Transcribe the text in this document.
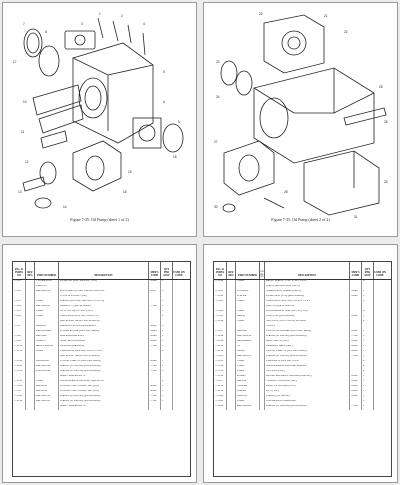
7
8
3
1	2
4
5
6
9
10
11
12
13
14
15
16
17
18
Figure 7-35. Oil Pump (sheet 1 of 2)
20	21
22
23
24
25
26
27
28
29
30
31
Figure 7-35. Oil Pump (sheet 2 of 2)
FIG. & INDEX NO
REF DES	PART NUMBER	DESCRIPTION
MFR'S CODE
QTY PER ASSY
USED ON CODE
7-35-1	FVDS80X01H	PUMP, OIL (SOE 3004 SEE 7-2-1)	58199	1
1.0HP/3-5
7-35-2	PRP-360-012	PLUG, MACH. THD. O-RING, HEX HD.	28781	1
1-3/16-12 UN-2A ... (NE)
7-35-3	COML	O-RING (SEE SOE 3004 NOTE 3-10-70)	1
7-35-4	PRP-360-233	GASKET, ... (ASTM D2000)	77326	1
7-35-5	COML	KEY, 3/16 SQ. x 1-3/4 L (STL)	1
7-35-6	COML	CAPSCREW, HEX HD, 3/8-16 x 1 L	4
(ASTM A307 GR A, ZINC PLATED)
7-35-7	206102B	BALANCE PISTON ASSEMBLY	58199	1
ZRC14GWAB	POWER ROTOR (DUCTILE IRON)	58199	1
7-35-8	RRC1409	IDLER ROTOR ASSY	58199	2
7-35-9	295618-1	SEAL, MECHANICAL	58199	1
7-35-10	MRO-1303A-24	BUSHING (BRONZE)	77326	1
7-35-11	COML	CAPSCREW, HEX HD, 3/8-16 x 1-1/4 L	4
(ASTM A307 GR A, ZINC PLATED)
7-35-12	206102B3D	COVER, THRUST (DUCTILE IRON)	58199	1
7-35-13	PRP-360-236	O-RING (STYRENE) (ASTM D2000)	77326	1
7-35-14	FFR-360-248	O-RING (STYRENE) (ASTM D2000)	77326	1
M4BC714A25B14F17Z
7-35-15	COML	LOCKWASHER, HELICAL SPRING 3/8	4
7-35-16	R04-24-32	FLANGE, PIPE, 4 BOLT SAE (STL)	60988	1
7-35-17	R04-24-24	FLANGE, PIPE, 4 BOLT SAE (STL)	60988	1
7-35-18	PRP-360-230	O-RING (STYRENE) (ASTM D2000)	77326	1
7-35-19	PRP-360-233	O-RING (STYRENE) (ASTM D2000)	77326	1
M4BC714A25B14F17Z
FIG. & INDEX NO
REF DES	PART NUMBER
I N D E N T	DESCRIPTION
MFR'S CODE
QTY PER ASSY
USED ON CODE
7-35-20	COML	DRIVE SCREW, TYPE U, #2 x 3/16 L	6
(CRES) (ANSI B18.6.4, TBL 6)
7-35-21	FPN3082C	NAMEPLATE, SERIAL (CRES)	58199	1
7-35-22	079958R	PUMP CASE (STL) (MIL-S-24093)	58199	1
7-35-23	COML	CAPSCREW, HEX SOC, 5/8-11 x 1-1/2 L	8
(ALY STL) (ASTM A574)
7-35-24	COML	LOCKWASHER, SPR, HEL, 5/8 (STL)	8
7-35-25	360058	FOOT (STL) (ASTM A36)	58199	1
7-35-26	COML	NUT, HEX, 5/8-11, 5/8-14 (STL AND	4
STEEL)
7-35-27	360058A	COVER, OUTBOARD (DUCTILE IRON)	58199	1
7-35-28	PRP-360-238	O-RING (STYRENE) (ASTM D2000)	77326	1
7-35-29	360058A4AF	BOLT, DRIVE (STL)	58199	1
7-35-30	54	BEARING, BALL (SKF)	36292	1
7-35-31	360828	COVER, THRUST (DUCTILE IRON)	58199	1
7-35-32	PRP-360-233	O-RING (STYRENE) (ASTM D2000)	77326	1
7-35-33	COML	CAPSCREW, HEX HD, 3/8-16	4
7-35-34	COML	LOCKWASHER, HELICAL SPRING	4
7-35-35	COML	NUT, HEX (STL)	4
7-35-36	210PAS	DECAL, RELIANCE MOTOR (PLASTIC)	58199	1
7-35-37	PRP2SA	CONDUIT BOX ASSY (AL)	58199	1
7-35-38	FS140AR	BASE, EXTENSION (STL)	58199	1
7-35-39	8190AG	KEY, (STL)	58199	1
7-35-40	25008-38	O-RING, (STYRENE)	58199	1
7-35-41	COML	O-LEAD PASS THROUGH	1
7-35-42	PRP-340-012	O-RING (STYRENE) (ASTM D2000)	77326	1
